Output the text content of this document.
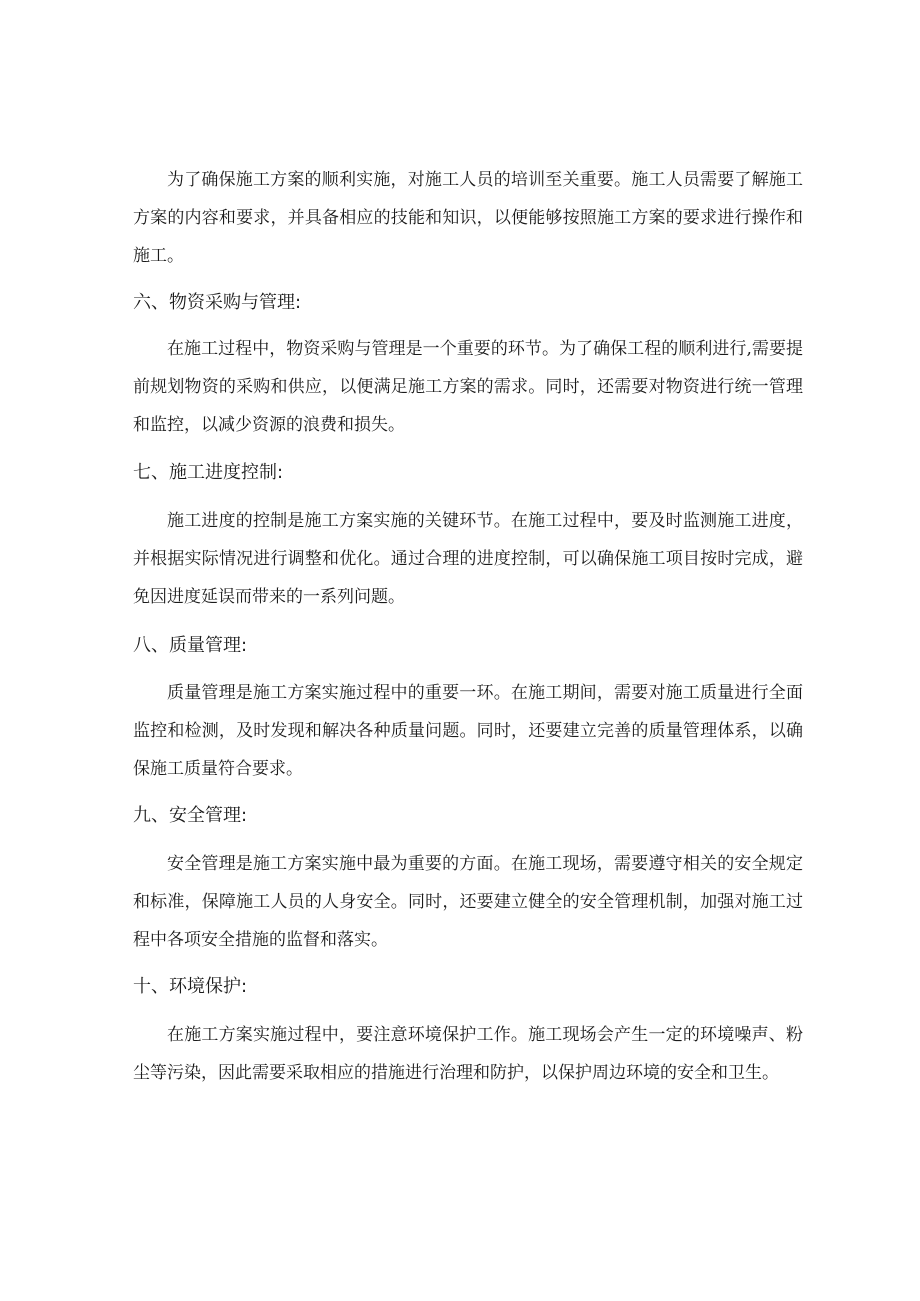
为了确保施工方案的顺利实施，对施工人员的培训至关重要。施工人员需要了解施工方案的内容和要求，并具备相应的技能和知识，以便能够按照施工方案的要求进行操作和施工。

六、物资采购与管理:

在施工过程中，物资采购与管理是一个重要的环节。为了确保工程的顺利进行,需要提前规划物资的采购和供应，以便满足施工方案的需求。同时，还需要对物资进行统一管理和监控，以减少资源的浪费和损失。

七、施工进度控制:

施工进度的控制是施工方案实施的关键环节。在施工过程中，要及时监测施工进度，并根据实际情况进行调整和优化。通过合理的进度控制，可以确保施工项目按时完成，避免因进度延误而带来的一系列问题。

八、质量管理:

质量管理是施工方案实施过程中的重要一环。在施工期间，需要对施工质量进行全面监控和检测，及时发现和解决各种质量问题。同时，还要建立完善的质量管理体系，以确保施工质量符合要求。

九、安全管理:

安全管理是施工方案实施中最为重要的方面。在施工现场，需要遵守相关的安全规定和标准，保障施工人员的人身安全。同时，还要建立健全的安全管理机制，加强对施工过程中各项安全措施的监督和落实。

十、环境保护:

在施工方案实施过程中，要注意环境保护工作。施工现场会产生一定的环境噪声、粉尘等污染，因此需要采取相应的措施进行治理和防护，以保护周边环境的安全和卫生。
